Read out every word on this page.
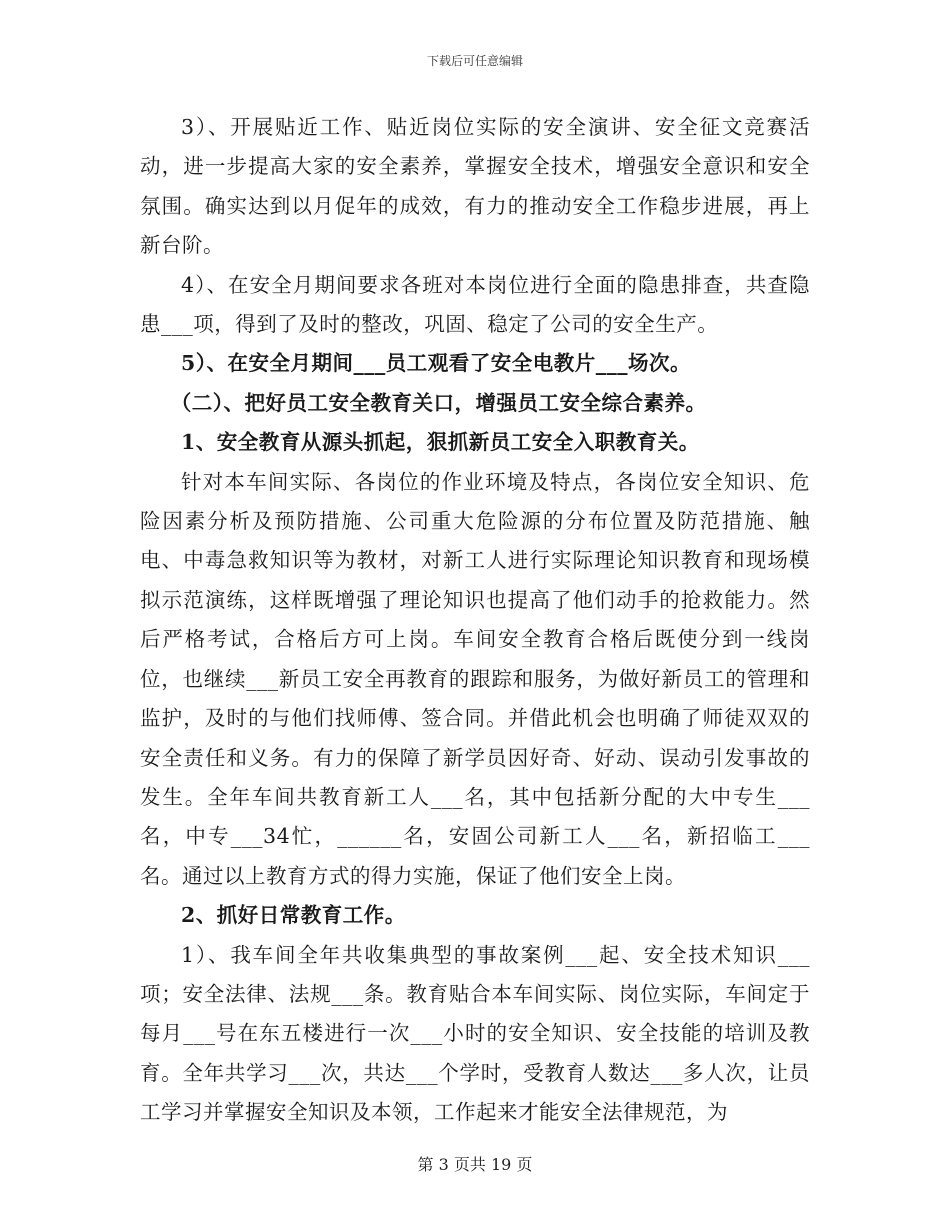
下载后可任意编辑

3）、开展贴近工作、贴近岗位实际的安全演讲、安全征文竞赛活动，进一步提高大家的安全素养，掌握安全技术，增强安全意识和安全氛围。确实达到以月促年的成效，有力的推动安全工作稳步进展，再上新台阶。

4）、在安全月期间要求各班对本岗位进行全面的隐患排查，共查隐患___项，得到了及时的整改，巩固、稳定了公司的安全生产。

5）、在安全月期间___员工观看了安全电教片___场次。

（二）、把好员工安全教育关口，增强员工安全综合素养。

1、安全教育从源头抓起，狠抓新员工安全入职教育关。

针对本车间实际、各岗位的作业环境及特点，各岗位安全知识、危险因素分析及预防措施、公司重大危险源的分布位置及防范措施、触电、中毒急救知识等为教材，对新工人进行实际理论知识教育和现场模拟示范演练，这样既增强了理论知识也提高了他们动手的抢救能力。然后严格考试，合格后方可上岗。车间安全教育合格后既使分到一线岗位，也继续___新员工安全再教育的跟踪和服务，为做好新员工的管理和监护，及时的与他们找师傅、签合同。并借此机会也明确了师徒双双的安全责任和义务。有力的保障了新学员因好奇、好动、误动引发事故的发生。全年车间共教育新工人___名，其中包括新分配的大中专生___名，中专___34忙，______名，安固公司新工人___名，新招临工___名。通过以上教育方式的得力实施，保证了他们安全上岗。

2、抓好日常教育工作。

1）、我车间全年共收集典型的事故案例___起、安全技术知识___项；安全法律、法规___条。教育贴合本车间实际、岗位实际，车间定于每月___号在东五楼进行一次___小时的安全知识、安全技能的培训及教育。全年共学习___次，共达___个学时，受教育人数达___多人次，让员工学习并掌握安全知识及本领，工作起来才能安全法律规范，为

第 3 页共 19 页
